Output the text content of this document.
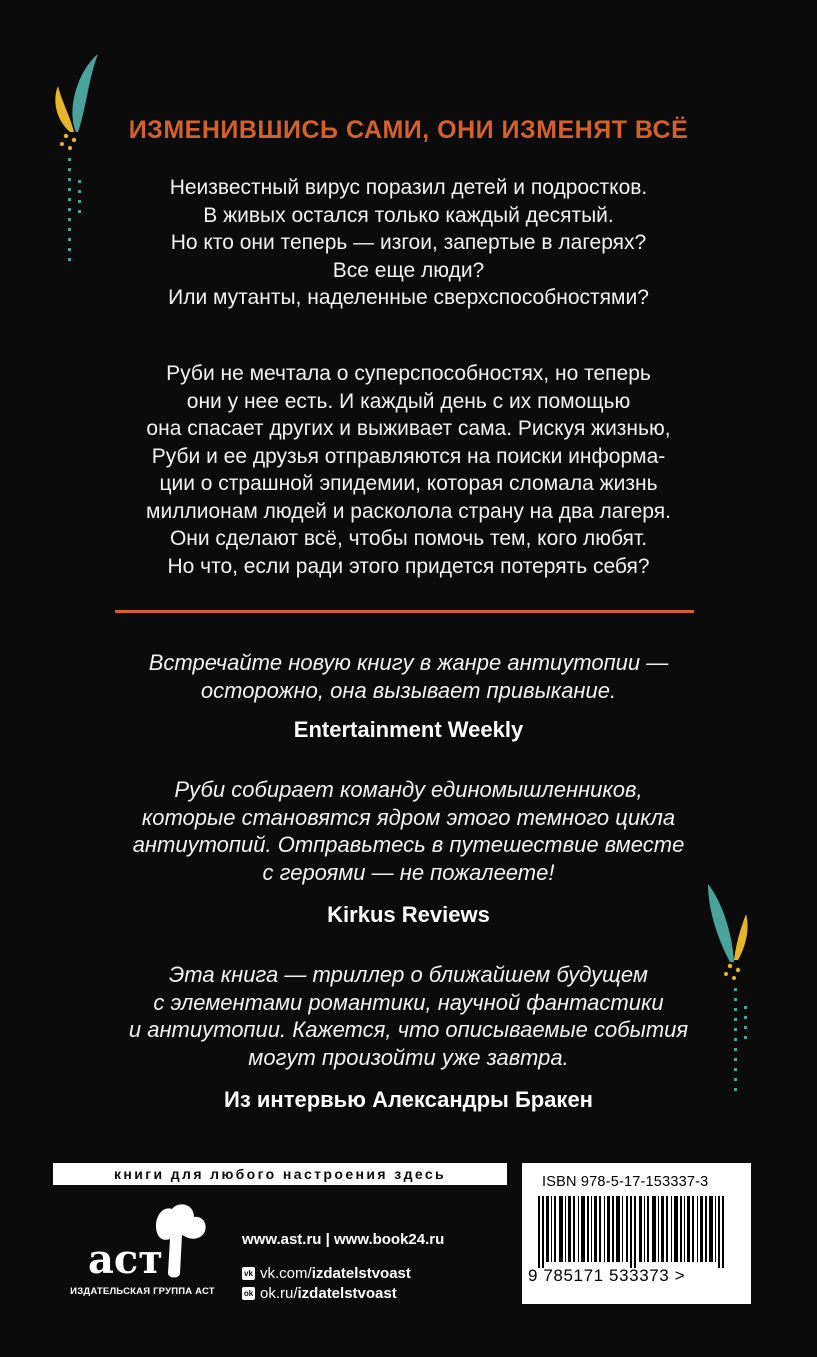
ИЗМЕНИВШИСЬ САМИ, ОНИ ИЗМЕНЯТ ВСЁ
Неизвестный вирус поразил детей и подростков.
В живых остался только каждый десятый.
Но кто они теперь — изгои, запертые в лагерях?
Все еще люди?
Или мутанты, наделенные сверхспособностями?
Руби не мечтала о суперспособностях, но теперь
они у нее есть. И каждый день с их помощью
она спасает других и выживает сама. Рискуя жизнью,
Руби и ее друзья отправляются на поиски информа-
ции о страшной эпидемии, которая сломала жизнь
миллионам людей и расколола страну на два лагеря.
Они сделают всё, чтобы помочь тем, кого любят.
Но что, если ради этого придется потерять себя?
Встречайте новую книгу в жанре антиутопии —
осторожно, она вызывает привыкание.
Entertainment Weekly
Руби собирает команду единомышленников,
которые становятся ядром этого темного цикла
антиутопий. Отправьтесь в путешествие вместе
с героями — не пожалеете!
Kirkus Reviews
Эта книга — триллер о ближайшем будущем
с элементами романтики, научной фантастики
и антиутопии. Кажется, что описываемые события
могут произойти уже завтра.
Из интервью Александры Бракен
книги для любого настроения здесь
аст
ИЗДАТЕЛЬСКАЯ ГРУППА АСТ
www.ast.ru | www.book24.ru
vk vk.com/ izdatelstvoast
ok ok.ru/ izdatelstvoast
ISBN 978-5-17-153337-3
9 785171 533373 >
